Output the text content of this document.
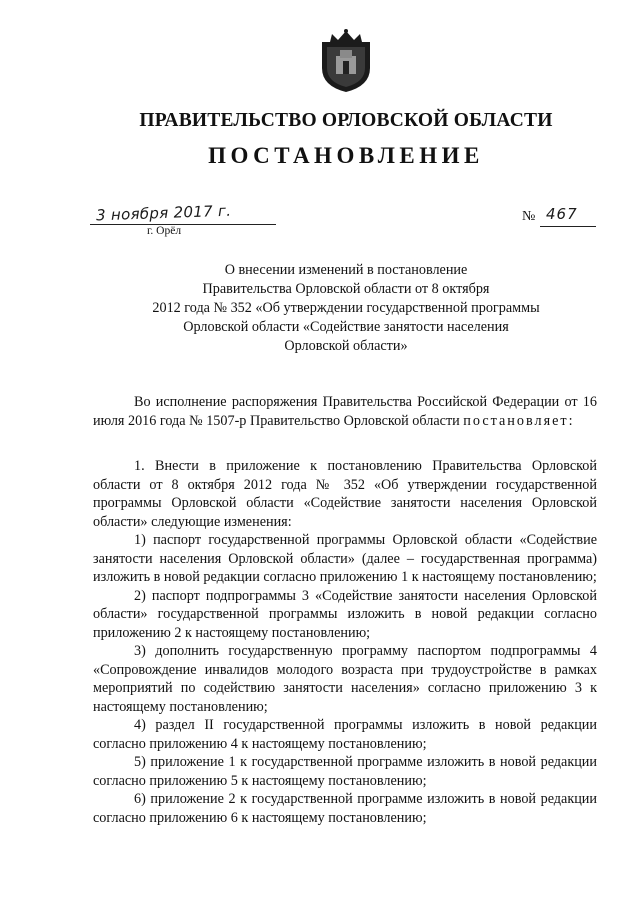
ПРАВИТЕЛЬСТВО ОРЛОВСКОЙ ОБЛАСТИ
ПОСТАНОВЛЕНИЕ
3 ноября 2017 г.
г. Орёл
№ 467
О внесении изменений в постановление
Правительства Орловской области от 8 октября
2012 года № 352 «Об утверждении государственной программы
Орловской области «Содействие занятости населения
Орловской области»

Во исполнение распоряжения Правительства Российской Федерации от 16 июля 2016 года № 1507-р Правительство Орловской области постановляет:

1. Внести в приложение к постановлению Правительства Орловской области от 8 октября 2012 года № 352 «Об утверждении государственной программы Орловской области «Содействие занятости населения Орловской области» следующие изменения:

1) паспорт государственной программы Орловской области «Содействие занятости населения Орловской области» (далее – государственная программа) изложить в новой редакции согласно приложению 1 к настоящему постановлению;

2) паспорт подпрограммы 3 «Содействие занятости населения Орловской области» государственной программы изложить в новой редакции согласно приложению 2 к настоящему постановлению;

3) дополнить государственную программу паспортом подпрограммы 4 «Сопровождение инвалидов молодого возраста при трудоустройстве в рамках мероприятий по содействию занятости населения» согласно приложению 3 к настоящему постановлению;

4) раздел II государственной программы изложить в новой редакции согласно приложению 4 к настоящему постановлению;

5) приложение 1 к государственной программе изложить в новой редакции согласно приложению 5 к настоящему постановлению;

6) приложение 2 к государственной программе изложить в новой редакции согласно приложению 6 к настоящему постановлению;
